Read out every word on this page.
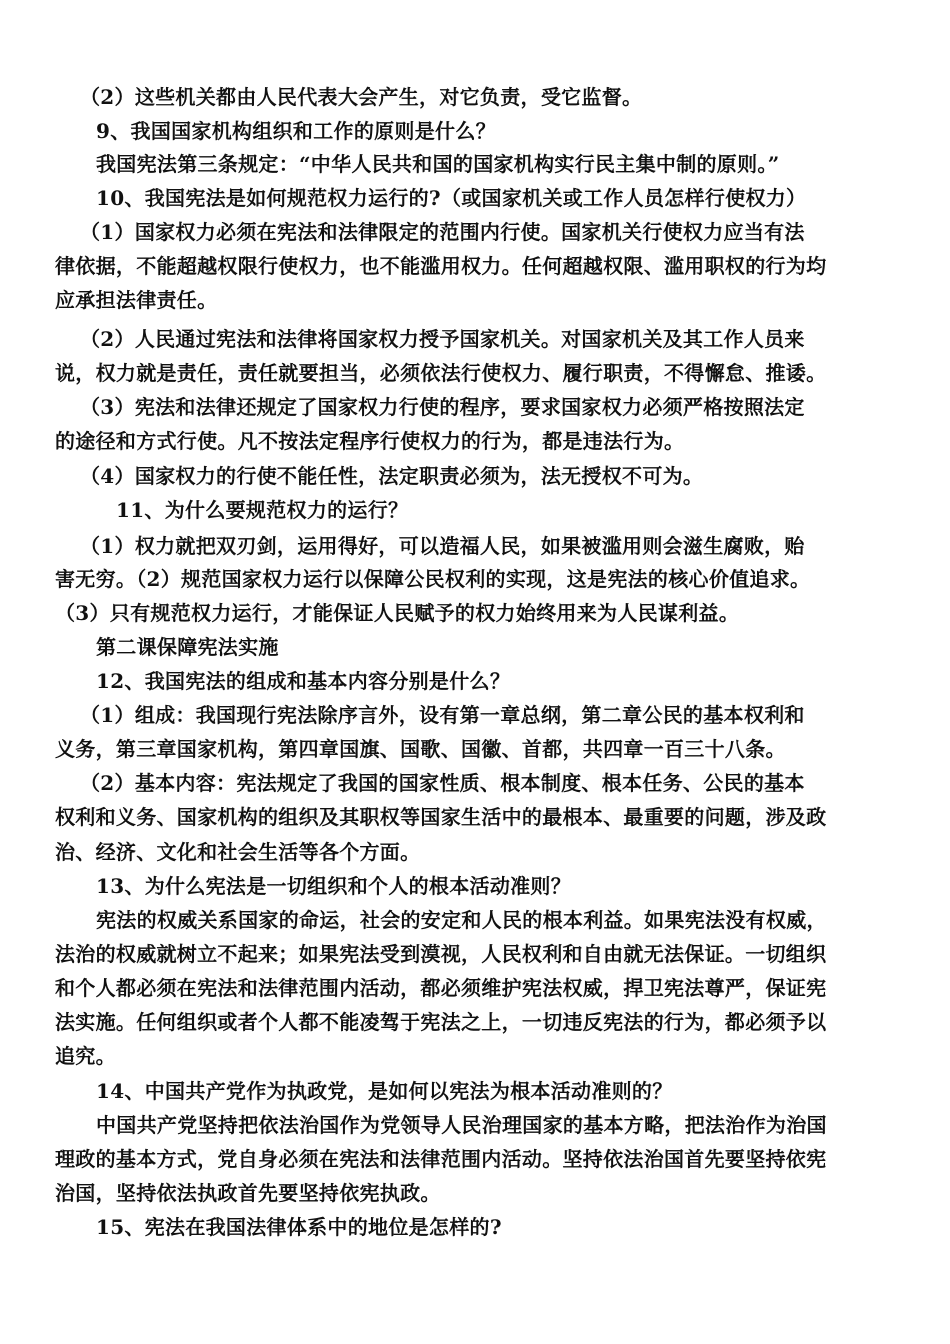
（2）这些机关都由人民代表大会产生，对它负责，受它监督。
9、我国国家机构组织和工作的原则是什么？
我国宪法第三条规定：“中华人民共和国的国家机构实行民主集中制的原则。”
10、我国宪法是如何规范权力运行的?（或国家机关或工作人员怎样行使权力）
（1）国家权力必须在宪法和法律限定的范围内行使。国家机关行使权力应当有法
律依据，不能超越权限行使权力，也不能滥用权力。任何超越权限、滥用职权的行为均
应承担法律责任。
（2）人民通过宪法和法律将国家权力授予国家机关。对国家机关及其工作人员来
说，权力就是责任，责任就要担当，必须依法行使权力、履行职责，不得懈怠、推诿。
（3）宪法和法律还规定了国家权力行使的程序，要求国家权力必须严格按照法定
的途径和方式行使。凡不按法定程序行使权力的行为，都是违法行为。
（4）国家权力的行使不能任性，法定职责必须为，法无授权不可为。
11、为什么要规范权力的运行？
（1）权力就把双刃剑，运用得好，可以造福人民，如果被滥用则会滋生腐败，贻
害无穷。（2）规范国家权力运行以保障公民权利的实现，这是宪法的核心价值追求。
（3）只有规范权力运行，才能保证人民赋予的权力始终用来为人民谋利益。
第二课保障宪法实施
12、我国宪法的组成和基本内容分别是什么？
（1）组成：我国现行宪法除序言外，设有第一章总纲，第二章公民的基本权利和
义务，第三章国家机构，第四章国旗、国歌、国徽、首都，共四章一百三十八条。
（2）基本内容：宪法规定了我国的国家性质、根本制度、根本任务、公民的基本
权利和义务、国家机构的组织及其职权等国家生活中的最根本、最重要的问题，涉及政
治、经济、文化和社会生活等各个方面。
13、为什么宪法是一切组织和个人的根本活动准则？
宪法的权威关系国家的命运，社会的安定和人民的根本利益。如果宪法没有权威，
法治的权威就树立不起来；如果宪法受到漠视，人民权利和自由就无法保证。一切组织
和个人都必须在宪法和法律范围内活动，都必须维护宪法权威，捍卫宪法尊严，保证宪
法实施。任何组织或者个人都不能凌驾于宪法之上，一切违反宪法的行为，都必须予以
追究。
14、中国共产党作为执政党，是如何以宪法为根本活动准则的？
中国共产党坚持把依法治国作为党领导人民治理国家的基本方略，把法治作为治国
理政的基本方式，党自身必须在宪法和法律范围内活动。坚持依法治国首先要坚持依宪
治国，坚持依法执政首先要坚持依宪执政。
15、宪法在我国法律体系中的地位是怎样的?
